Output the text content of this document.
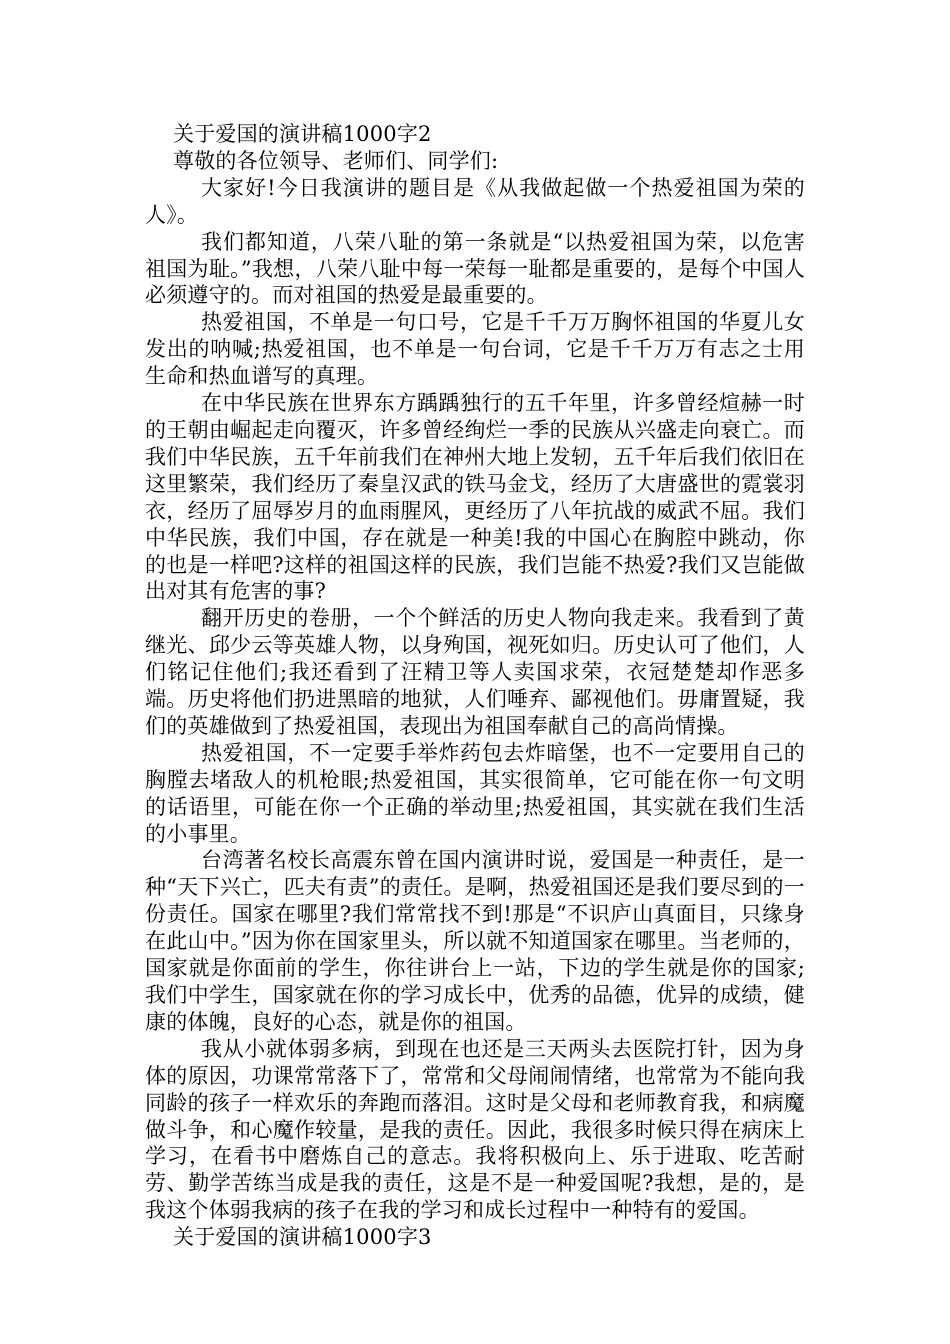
关于爱国的演讲稿1000字2
尊敬的各位领导、老师们、同学们:

大家好!今日我演讲的题目是《从我做起做一个热爱祖国为荣的人》。

我们都知道，八荣八耻的第一条就是“以热爱祖国为荣，以危害祖国为耻。”我想，八荣八耻中每一荣每一耻都是重要的，是每个中国人必须遵守的。而对祖国的热爱是最重要的。

热爱祖国，不单是一句口号，它是千千万万胸怀祖国的华夏儿女发出的呐喊;热爱祖国，也不单是一句台词，它是千千万万有志之士用生命和热血谱写的真理。

在中华民族在世界东方踽踽独行的五千年里，许多曾经煊赫一时的王朝由崛起走向覆灭，许多曾经绚烂一季的民族从兴盛走向衰亡。而我们中华民族，五千年前我们在神州大地上发轫，五千年后我们依旧在这里繁荣，我们经历了秦皇汉武的铁马金戈，经历了大唐盛世的霓裳羽衣，经历了屈辱岁月的血雨腥风，更经历了八年抗战的威武不屈。我们中华民族，我们中国，存在就是一种美!我的中国心在胸腔中跳动，你的也是一样吧?这样的祖国这样的民族，我们岂能不热爱?我们又岂能做出对其有危害的事?

翻开历史的卷册，一个个鲜活的历史人物向我走来。我看到了黄继光、邱少云等英雄人物，以身殉国，视死如归。历史认可了他们，人们铭记住他们;我还看到了汪精卫等人卖国求荣，衣冠楚楚却作恶多端。历史将他们扔进黑暗的地狱，人们唾弃、鄙视他们。毋庸置疑，我们的英雄做到了热爱祖国，表现出为祖国奉献自己的高尚情操。

热爱祖国，不一定要手举炸药包去炸暗堡，也不一定要用自己的胸膛去堵敌人的机枪眼;热爱祖国，其实很简单，它可能在你一句文明的话语里，可能在你一个正确的举动里;热爱祖国，其实就在我们生活的小事里。

台湾著名校长高震东曾在国内演讲时说，爱国是一种责任，是一种“天下兴亡，匹夫有责”的责任。是啊，热爱祖国还是我们要尽到的一份责任。国家在哪里?我们常常找不到!那是“不识庐山真面目，只缘身在此山中。”因为你在国家里头，所以就不知道国家在哪里。当老师的，国家就是你面前的学生，你往讲台上一站，下边的学生就是你的国家;我们中学生，国家就在你的学习成长中，优秀的品德，优异的成绩，健康的体魄，良好的心态，就是你的祖国。

我从小就体弱多病，到现在也还是三天两头去医院打针，因为身体的原因，功课常常落下了，常常和父母闹闹情绪，也常常为不能向我同龄的孩子一样欢乐的奔跑而落泪。这时是父母和老师教育我，和病魔做斗争，和心魔作较量，是我的责任。因此，我很多时候只得在病床上学习，在看书中磨炼自己的意志。我将积极向上、乐于进取、吃苦耐劳、勤学苦练当成是我的责任，这是不是一种爱国呢?我想，是的，是我这个体弱我病的孩子在我的学习和成长过程中一种特有的爱国。

关于爱国的演讲稿1000字3
